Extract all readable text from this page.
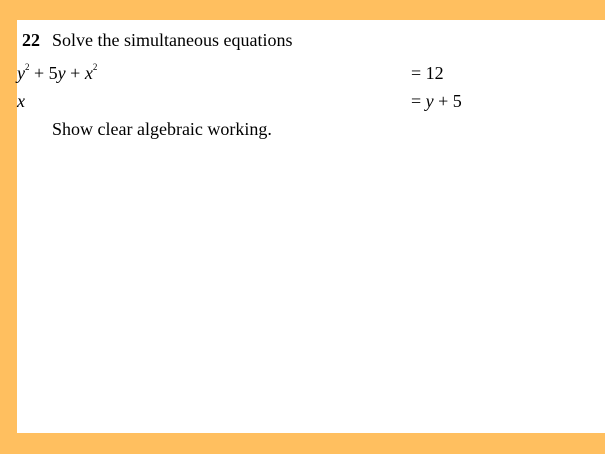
22 Solve the simultaneous equations
$y^2 + 5y + x^2$	= 12
x	= y + 5
Show clear algebraic working.
